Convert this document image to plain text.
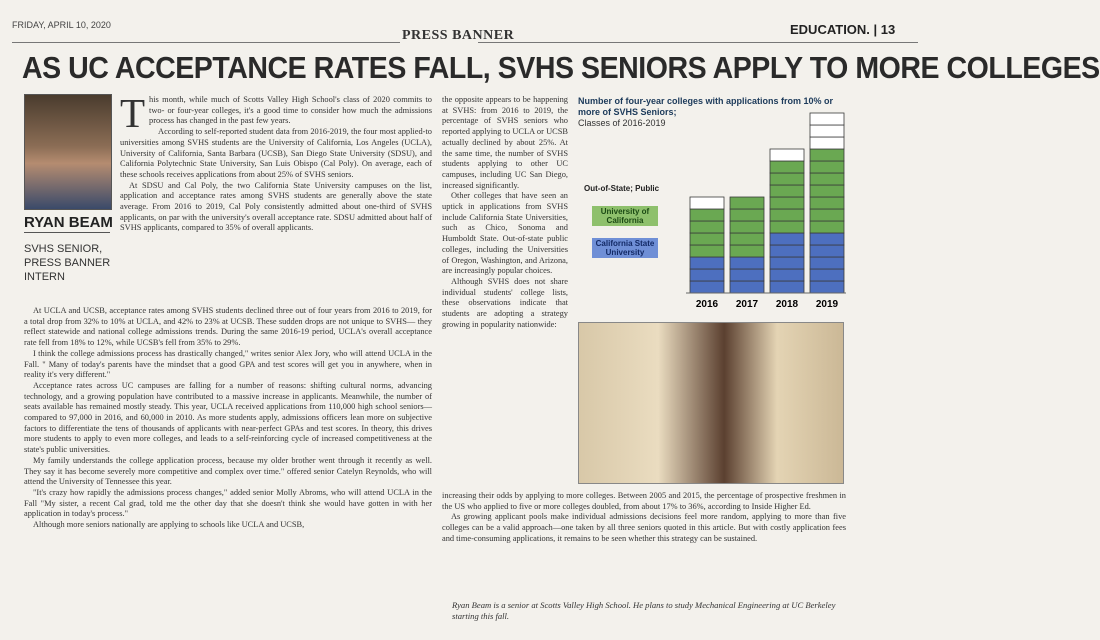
FRIDAY, APRIL 10, 2020
PRESS BANNER	EDUCATION. | 13
AS UC ACCEPTANCE RATES FALL, SVHS SENIORS APPLY TO MORE COLLEGES
RYAN BEAM
SVHS SENIOR,
PRESS BANNER
INTERN

This month, while much of Scotts Valley High School's class of 2020 commits to two- or four-year colleges, it's a good time to consider how much the admissions process has changed in the past few years.

According to self-reported student data from 2016-2019, the four most applied-to universities among SVHS students are the University of California, Los Angeles (UCLA), University of California, Santa Barbara (UCSB), San Diego State University (SDSU), and California Polytechnic State University, San Luis Obispo (Cal Poly). On average, each of these schools receives applications from about 25% of SVHS seniors.

At SDSU and Cal Poly, the two California State University campuses on the list, application and acceptance rates among SVHS students are generally above the state average. From 2016 to 2019, Cal Poly consistently admitted about one-third of SVHS applicants, on par with the university's overall acceptance rate. SDSU admitted about half of SVHS applicants, compared to 35% of overall applicants.

At UCLA and UCSB, acceptance rates among SVHS students declined three out of four years from 2016 to 2019, for a total drop from 32% to 10% at UCLA, and 42% to 23% at UCSB. These sudden drops are not unique to SVHS— they reflect statewide and national college admissions trends. During the same 2016-19 period, UCLA's overall acceptance rate fell from 18% to 12%, while UCSB's fell from 35% to 29%.

I think the college admissions process has drastically changed," writes senior Alex Jory, who will attend UCLA in the Fall. " Many of today's parents have the mindset that a good GPA and test scores will get you in anywhere, when in reality it's very different."

Acceptance rates across UC campuses are falling for a number of reasons: shifting cultural norms, advancing technology, and a growing population have contributed to a massive increase in applicants. Meanwhile, the number of seats available has remained mostly steady. This year, UCLA received applications from 110,000 high school seniors— compared to 97,000 in 2016, and 60,000 in 2010. As more students apply, admissions officers lean more on subjective factors to differentiate the tens of thousands of applicants with near-perfect GPAs and test scores. In theory, this drives more students to apply to even more colleges, and leads to a self-reinforcing cycle of increased competitiveness at the state's public universities.

My family understands the college application process, because my older brother went through it recently as well. They say it has become severely more competitive and complex over time." offered senior Catelyn Reynolds, who will attend the University of Tennessee this year.

"It's crazy how rapidly the admissions process changes," added senior Molly Abroms, who will attend UCLA in the Fall "My sister, a recent Cal grad, told me the other day that she doesn't think she would have gotten in with her application in today's process."

Although more seniors nationally are applying to schools like UCLA and UCSB,

the opposite appears to be happening at SVHS: from 2016 to 2019, the percentage of SVHS seniors who reported applying to UCLA or UCSB actually declined by about 25%. At the same time, the number of SVHS students applying to other UC campuses, including UC San Diego, increased significantly.

Other colleges that have seen an uptick in applications from SVHS include California State Universities, such as Chico, Sonoma and Humboldt State. Out-of-state public colleges, including the Universities of Oregon, Washington, and Arizona, are increasingly popular choices.

Although SVHS does not share individual students' college lists, these observations indicate that students are adopting a strategy growing in popularity nationwide:

increasing their odds by applying to more colleges. Between 2005 and 2015, the percentage of prospective freshmen in the US who applied to five or more colleges doubled, from about 17% to 36%, according to Inside Higher Ed.

As growing applicant pools make individual admissions decisions feel more random, applying to more than five colleges can be a valid approach—one taken by all three seniors quoted in this article. But with costly application fees and time-consuming applications, it remains to be seen whether this strategy can be sustained.

Ryan Beam is a senior at Scotts Valley High School. He plans to study Mechanical Engineering at UC Berkeley starting this fall.
Number of four-year colleges with applications from 10% or more of SVHS Seniors;
Classes of 2016-2019
Out-of-State; Public
University of California
California State University
2016 2017 2018 2019
